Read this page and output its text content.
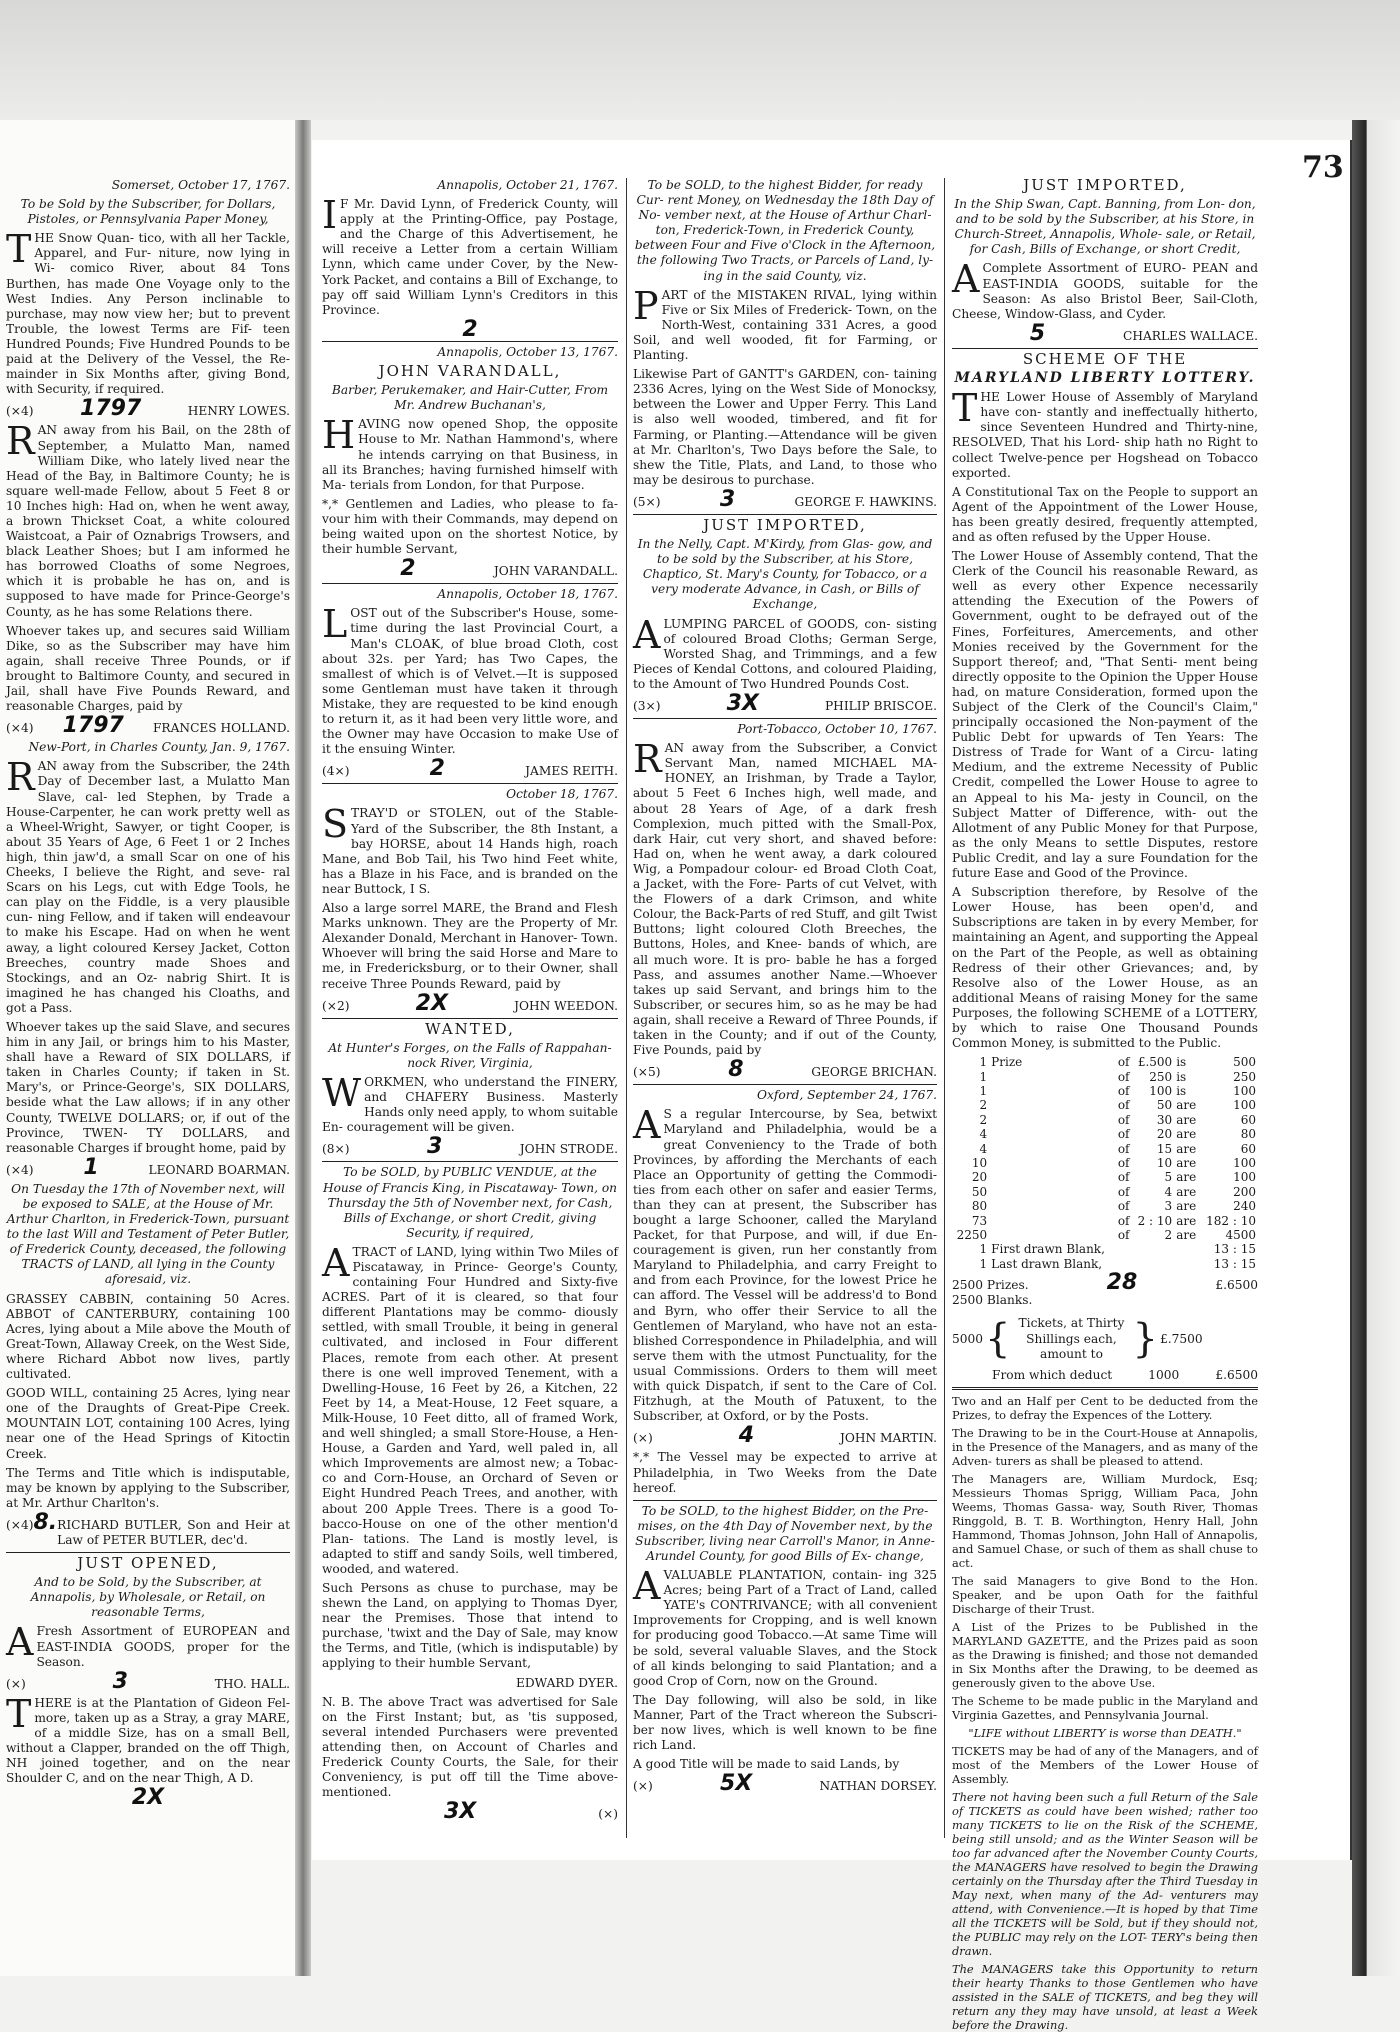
73
Somerset, October 17, 1767.
To be Sold by the Subscriber, for Dollars, Pistoles, or Pennsylvania Paper Money,
THE Snow Quan- tico, with all her Tackle, Apparel, and Fur- niture, now lying in Wi- comico River, about 84 Tons Burthen, has made One Voyage only to the West Indies. Any Person inclinable to purchase, may now view her; but to prevent Trouble, the lowest Terms are Fif- teen Hundred Pounds; Five Hundred Pounds to be paid at the Delivery of the Vessel, the Re- mainder in Six Months after, giving Bond, with Security, if required.
(×4) 1797	HENRY LOWES.
RAN away from his Bail, on the 28th of September, a Mulatto Man, named William Dike, who lately lived near the Head of the Bay, in Baltimore County; he is square well-made Fellow, about 5 Feet 8 or 10 Inches high: Had on, when he went away, a brown Thickset Coat, a white coloured Waistcoat, a Pair of Oznabrigs Trowsers, and black Leather Shoes; but I am informed he has borrowed Cloaths of some Negroes, which it is probable he has on, and is supposed to have made for Prince-George's County, as he has some Relations there.
Whoever takes up, and secures said William Dike, so as the Subscriber may have him again, shall receive Three Pounds, or if brought to Baltimore County, and secured in Jail, shall have Five Pounds Reward, and reasonable Charges, paid by
(×4) 1797 FRANCES HOLLAND.
New-Port, in Charles County, Jan. 9, 1767.
RAN away from the Subscriber, the 24th Day of December last, a Mulatto Man Slave, cal- led Stephen, by Trade a House-Carpenter, he can work pretty well as a Wheel-Wright, Sawyer, or tight Cooper, is about 35 Years of Age, 6 Feet 1 or 2 Inches high, thin jaw'd, a small Scar on one of his Cheeks, I believe the Right, and seve- ral Scars on his Legs, cut with Edge Tools, he can play on the Fiddle, is a very plausible cun- ning Fellow, and if taken will endeavour to make his Escape. Had on when he went away, a light coloured Kersey Jacket, Cotton Breeches, country made Shoes and Stockings, and an Oz- nabrig Shirt. It is imagined he has changed his Cloaths, and got a Pass.
Whoever takes up the said Slave, and secures him in any Jail, or brings him to his Master, shall have a Reward of SIX DOLLARS, if taken in Charles County; if taken in St. Mary's, or Prince-George's, SIX DOLLARS, beside what the Law allows; if in any other County, TWELVE DOLLARS; or, if out of the Province, TWEN- TY DOLLARS, and reasonable Charges if brought home, paid by
(×4) 1	LEONARD BOARMAN.
On Tuesday the 17th of November next, will be exposed to SALE, at the House of Mr. Arthur Charlton, in Frederick-Town, pursuant to the last Will and Testament of Peter Butler, of Frederick County, deceased, the following TRACTS of LAND, all lying in the County aforesaid, viz.
GRASSEY CABBIN, containing 50 Acres. ABBOT of CANTERBURY, containing 100 Acres, lying about a Mile above the Mouth of Great-Town, Allaway Creek, on the West Side, where Richard Abbot now lives, partly cultivated.
GOOD WILL, containing 25 Acres, lying near one of the Draughts of Great-Pipe Creek. MOUNTAIN LOT, containing 100 Acres, lying near one of the Head Springs of Kitoctin Creek.
The Terms and Title which is indisputable, may be known by applying to the Subscriber, at Mr. Arthur Charlton's.
(×4) 8. RICHARD BUTLER, Son and Heir at Law of PETER BUTLER, dec'd.
JUST OPENED,
And to be Sold, by the Subscriber, at Annapolis, by Wholesale, or Retail, on reasonable Terms,
A Fresh Assortment of EUROPEAN and EAST-INDIA GOODS, proper for the Season.
(×)	3	THO. HALL.
THERE is at the Plantation of Gideon Fel- more, taken up as a Stray, a gray MARE, of a middle Size, has on a small Bell, without a Clapper, branded on the off Thigh, NH joined together, and on the near Shoulder C, and on the near Thigh, A D.
2X
Annapolis, October 21, 1767.
I F Mr. David Lynn, of Frederick County, will apply at the Printing-Office, pay Postage, and the Charge of this Advertisement, he will receive a Letter from a certain William Lynn, which came under Cover, by the New- York Packet, and contains a Bill of Exchange, to pay off said William Lynn's Creditors in this Province.
2
Annapolis, October 13, 1767.
JOHN VARANDALL,
Barber, Perukemaker, and Hair-Cutter, From Mr. Andrew Buchanan's,
HAVING now opened Shop, the opposite House to Mr. Nathan Hammond's, where he intends carrying on that Business, in all its Branches; having furnished himself with Ma- terials from London, for that Purpose.
*,* Gentlemen and Ladies, who please to fa- vour him with their Commands, may depend on being waited upon on the shortest Notice, by their humble Servant,
2	JOHN VARANDALL.
Annapolis, October 18, 1767.
LOST out of the Subscriber's House, some- time during the last Provincial Court, a Man's CLOAK, of blue broad Cloth, cost about 32s. per Yard; has Two Capes, the smallest of which is of Velvet.—It is supposed some Gentleman must have taken it through Mistake, they are requested to be kind enough to return it, as it had been very little wore, and the Owner may have Occasion to make Use of it the ensuing Winter.
(4×)	2	JAMES REITH.
October 18, 1767.
STRAY'D or STOLEN, out of the Stable- Yard of the Subscriber, the 8th Instant, a bay HORSE, about 14 Hands high, roach Mane, and Bob Tail, his Two hind Feet white, has a Blaze in his Face, and is branded on the near Buttock, I S.
Also a large sorrel MARE, the Brand and Flesh Marks unknown. They are the Property of Mr. Alexander Donald, Merchant in Hanover- Town. Whoever will bring the said Horse and Mare to me, in Fredericksburg, or to their Owner, shall receive Three Pounds Reward, paid by
(×2)	2X	JOHN WEEDON.
WANTED,
At Hunter's Forges, on the Falls of Rappahan- nock River, Virginia,
WORKMEN, who understand the FINERY, and CHAFERY Business. Masterly Hands only need apply, to whom suitable En- couragement will be given.
(8×)	3	JOHN STRODE.
To be SOLD, by PUBLIC VENDUE, at the House of Francis King, in Piscataway- Town, on Thursday the 5th of November next, for Cash, Bills of Exchange, or short Credit, giving Security, if required,
ATRACT of LAND, lying within Two Miles of Piscataway, in Prince- George's County, containing Four Hundred and Sixty-five ACRES. Part of it is cleared, so that four different Plantations may be commo- diously settled, with small Trouble, it being in general cultivated, and inclosed in Four different Places, remote from each other. At present there is one well improved Tenement, with a Dwelling-House, 16 Feet by 26, a Kitchen, 22 Feet by 14, a Meat-House, 12 Feet square, a Milk-House, 10 Feet ditto, all of framed Work, and well shingled; a small Store-House, a Hen- House, a Garden and Yard, well paled in, all which Improvements are almost new; a Tobac- co and Corn-House, an Orchard of Seven or Eight Hundred Peach Trees, and another, with about 200 Apple Trees. There is a good To- bacco-House on one of the other mention'd Plan- tations. The Land is mostly level, is adapted to stiff and sandy Soils, well timbered, wooded, and watered.
Such Persons as chuse to purchase, may be shewn the Land, on applying to Thomas Dyer, near the Premises. Those that intend to purchase, 'twixt and the Day of Sale, may know the Terms, and Title, (which is indisputable) by applying to their humble Servant,
EDWARD DYER.
N. B. The above Tract was advertised for Sale on the First Instant; but, as 'tis supposed, several intended Purchasers were prevented attending then, on Account of Charles and Frederick County Courts, the Sale, for their Conveniency, is put off till the Time above-mentioned.
3X	(×)
To be SOLD, to the highest Bidder, for ready Cur- rent Money, on Wednesday the 18th Day of No- vember next, at the House of Arthur Charl- ton, Frederick-Town, in Frederick County, between Four and Five o'Clock in the Afternoon, the following Two Tracts, or Parcels of Land, ly- ing in the said County, viz.
PART of the MISTAKEN RIVAL, lying within Five or Six Miles of Frederick- Town, on the North-West, containing 331 Acres, a good Soil, and well wooded, fit for Farming, or Planting.
Likewise Part of GANTT's GARDEN, con- taining 2336 Acres, lying on the West Side of Monocksy, between the Lower and Upper Ferry. This Land is also well wooded, timbered, and fit for Farming, or Planting.—Attendance will be given at Mr. Charlton's, Two Days before the Sale, to shew the Title, Plats, and Land, to those who may be desirous to purchase.
(5×)	3	GEORGE F. HAWKINS.
JUST IMPORTED,
In the Nelly, Capt. M'Kirdy, from Glas- gow, and to be sold by the Subscriber, at his Store, Chaptico, St. Mary's County, for Tobacco, or a very moderate Advance, in Cash, or Bills of Exchange,
ALUMPING PARCEL of GOODS, con- sisting of coloured Broad Cloths; German Serge, Worsted Shag, and Trimmings, and a few Pieces of Kendal Cottons, and coloured Plaiding, to the Amount of Two Hundred Pounds Cost.
(3×)	3X	PHILIP BRISCOE.
Port-Tobacco, October 10, 1767.
RAN away from the Subscriber, a Convict Servant Man, named MICHAEL MA- HONEY, an Irishman, by Trade a Taylor, about 5 Feet 6 Inches high, well made, and about 28 Years of Age, of a dark fresh Complexion, much pitted with the Small-Pox, dark Hair, cut very short, and shaved before: Had on, when he went away, a dark coloured Wig, a Pompadour colour- ed Broad Cloth Coat, a Jacket, with the Fore- Parts of cut Velvet, with the Flowers of a dark Crimson, and white Colour, the Back-Parts of red Stuff, and gilt Twist Buttons; light coloured Cloth Breeches, the Buttons, Holes, and Knee- bands of which, are all much wore. It is pro- bable he has a forged Pass, and assumes another Name.—Whoever takes up said Servant, and brings him to the Subscriber, or secures him, so as he may be had again, shall receive a Reward of Three Pounds, if taken in the County; and if out of the County, Five Pounds, paid by
(×5)	8	GEORGE BRICHAN.
Oxford, September 24, 1767.
A S a regular Intercourse, by Sea, betwixt Maryland and Philadelphia, would be a great Conveniency to the Trade of both Provinces, by affording the Merchants of each Place an Opportunity of getting the Commodi- ties from each other on safer and easier Terms, than they can at present, the Subscriber has bought a large Schooner, called the Maryland Packet, for that Purpose, and will, if due En- couragement is given, run her constantly from Maryland to Philadelphia, and carry Freight to and from each Province, for the lowest Price he can afford. The Vessel will be address'd to Bond and Byrn, who offer their Service to all the Gentlemen of Maryland, who have not an esta- blished Correspondence in Philadelphia, and will serve them with the utmost Punctuality, for the usual Commissions. Orders to them will meet with quick Dispatch, if sent to the Care of Col. Fitzhugh, at the Mouth of Patuxent, to the Subscriber, at Oxford, or by the Posts.
(×)	4	JOHN MARTIN.
*,* The Vessel may be expected to arrive at Philadelphia, in Two Weeks from the Date hereof.
To be SOLD, to the highest Bidder, on the Pre- mises, on the 4th Day of November next, by the Subscriber, living near Carroll's Manor, in Anne-Arundel County, for good Bills of Ex- change,
AVALUABLE PLANTATION, contain- ing 325 Acres; being Part of a Tract of Land, called YATE's CONTRIVANCE; with all convenient Improvements for Cropping, and is well known for producing good Tobacco.—At same Time will be sold, several valuable Slaves, and the Stock of all kinds belonging to said Plantation; and a good Crop of Corn, now on the Ground.
The Day following, will also be sold, in like Manner, Part of the Tract whereon the Subscri- ber now lives, which is well known to be fine rich Land.
A good Title will be made to said Lands, by
(×)	5X	NATHAN DORSEY.
JUST IMPORTED,
In the Ship Swan, Capt. Banning, from Lon- don, and to be sold by the Subscriber, at his Store, in Church-Street, Annapolis, Whole- sale, or Retail, for Cash, Bills of Exchange, or short Credit,
A Complete Assortment of EURO- PEAN and EAST-INDIA GOODS, suitable for the Season: As also Bristol Beer, Sail-Cloth, Cheese, Window-Glass, and Cyder.
5	CHARLES WALLACE.
SCHEME OF THE
MARYLAND LIBERTY LOTTERY.
THE Lower House of Assembly of Maryland have con- stantly and ineffectually hitherto, since Seventeen Hundred and Thirty-nine, RESOLVED, That his Lord- ship hath no Right to collect Twelve-pence per Hogshead on Tobacco exported.
A Constitutional Tax on the People to support an Agent of the Appointment of the Lower House, has been greatly desired, frequently attempted, and as often refused by the Upper House.
The Lower House of Assembly contend, That the Clerk of the Council his reasonable Reward, as well as every other Expence necessarily attending the Execution of the Powers of Government, ought to be defrayed out of the Fines, Forfeitures, Amercements, and other Monies received by the Government for the Support thereof; and, "That Senti- ment being directly opposite to the Opinion the Upper House had, on mature Consideration, formed upon the Subject of the Clerk of the Council's Claim," principally occasioned the Non-payment of the Public Debt for upwards of Ten Years: The Distress of Trade for Want of a Circu- lating Medium, and the extreme Necessity of Public Credit, compelled the Lower House to agree to an Appeal to his Ma- jesty in Council, on the Subject Matter of Difference, with- out the Allotment of any Public Money for that Purpose, as the only Means to settle Disputes, restore Public Credit, and lay a sure Foundation for the future Ease and Good of the Province.
A Subscription therefore, by Resolve of the Lower House, has been open'd, and Subscriptions are taken in by every Member, for maintaining an Agent, and supporting the Appeal on the Part of the People, as well as obtaining Redress of their other Grievances; and, by Resolve also of the Lower House, as an additional Means of raising Money for the same Purposes, the following SCHEME of a LOTTERY, by which to raise One Thousand Pounds Common Money, is submitted to the Public.
1	Prize	of	£.500	is	500
1		of	250	is	250
1		of	100	is	100
2		of	50	are	100
2		of	30	are	60
4		of	20	are	80
4		of	15	are	60
10		of	10	are	100
20		of	5	are	100
50		of	4	are	200
80		of	3	are	240
73		of	2 : 10	are	182 : 10
2250		of	2	are	4500
1	First drawn Blank,				13 : 15
1	Last drawn Blank,				13 : 15
2500 Prizes.	28	£.6500
2500 Blanks.
5000 { Tickets, at Thirty Shillings each, amount to } £.7500
From which deduct	1000	£.6500
Two and an Half per Cent to be deducted from the Prizes, to defray the Expences of the Lottery.
The Drawing to be in the Court-House at Annapolis, in the Presence of the Managers, and as many of the Adven- turers as shall be pleased to attend.
The Managers are, William Murdock, Esq; Messieurs Thomas Sprigg, William Paca, John Weems, Thomas Gassa- way, South River, Thomas Ringgold, B. T. B. Worthington, Henry Hall, John Hammond, Thomas Johnson, John Hall of Annapolis, and Samuel Chase, or such of them as shall chuse to act.
The said Managers to give Bond to the Hon. Speaker, and be upon Oath for the faithful Discharge of their Trust.
A List of the Prizes to be Published in the MARYLAND GAZETTE, and the Prizes paid as soon as the Drawing is finished; and those not demanded in Six Months after the Drawing, to be deemed as generously given to the above Use.
The Scheme to be made public in the Maryland and Virginia Gazettes, and Pennsylvania Journal.
"LIFE without LIBERTY is worse than DEATH."
TICKETS may be had of any of the Managers, and of most of the Members of the Lower House of Assembly.
There not having been such a full Return of the Sale of TICKETS as could have been wished; rather too many TICKETS to lie on the Risk of the SCHEME, being still unsold; and as the Winter Season will be too far advanced after the November County Courts, the MANAGERS have resolved to begin the Drawing certainly on the Thursday after the Third Tuesday in May next, when many of the Ad- venturers may attend, with Convenience.—It is hoped by that Time all the TICKETS will be Sold, but if they should not, the PUBLIC may rely on the LOT- TERY's being then drawn.
The MANAGERS take this Opportunity to return their hearty Thanks to those Gentlemen who have assisted in the SALE of TICKETS, and beg they will return any they may have unsold, at least a Week before the Drawing.
